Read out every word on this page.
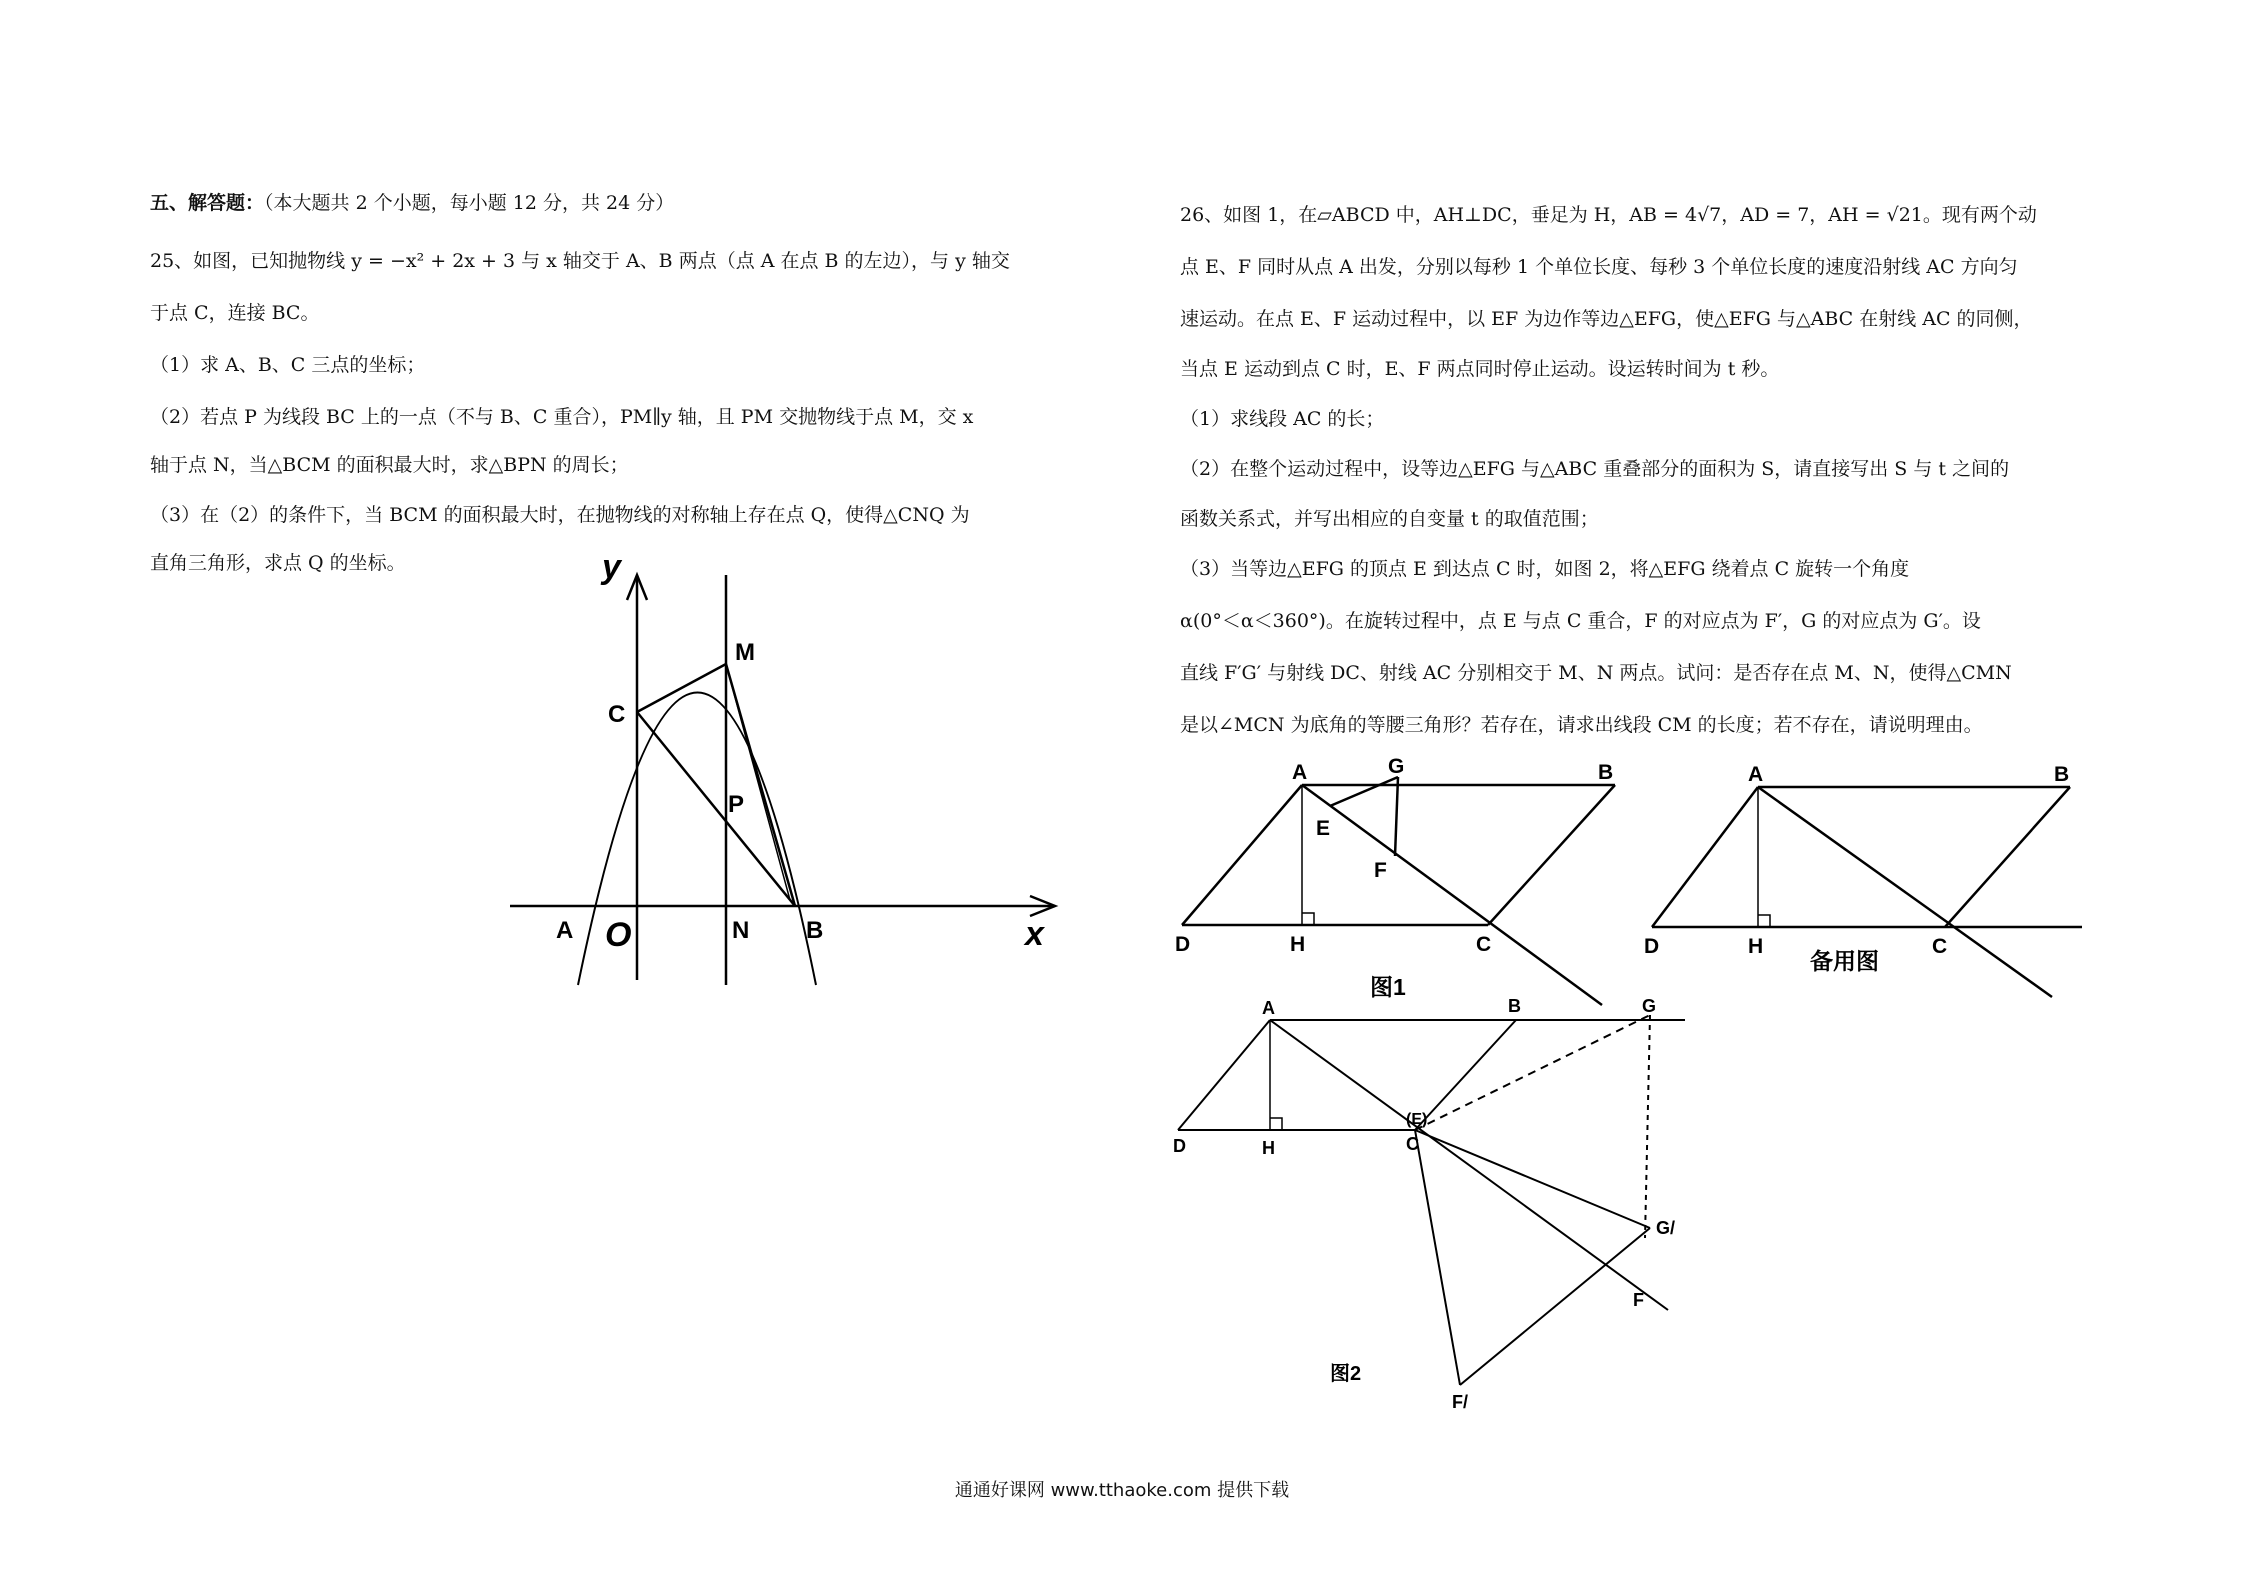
五、解答题：（本大题共 2 个小题，每小题 12 分，共 24 分）
25、如图，已知抛物线 y = −x² + 2x + 3 与 x 轴交于 A、B 两点（点 A 在点 B 的左边），与 y 轴交
于点 C，连接 BC。
（1）求 A、B、C 三点的坐标；
（2）若点 P 为线段 BC 上的一点（不与 B、C 重合），PM∥y 轴，且 PM 交抛物线于点 M，交 x
轴于点 N，当△BCM 的面积最大时，求△BPN 的周长；
（3）在（2）的条件下，当 BCM 的面积最大时，在抛物线的对称轴上存在点 Q，使得△CNQ 为
直角三角形，求点 Q 的坐标。	y
x
C
M
P
A O	N B
26、如图 1，在▱ABCD 中，AH⊥DC，垂足为 H，AB = 4√7，AD = 7，AH = √21。现有两个动
点 E、F 同时从点 A 出发，分别以每秒 1 个单位长度、每秒 3 个单位长度的速度沿射线 AC 方向匀
速运动。在点 E、F 运动过程中，以 EF 为边作等边△EFG，使△EFG 与△ABC 在射线 AC 的同侧，
当点 E 运动到点 C 时，E、F 两点同时停止运动。设运转时间为 t 秒。
（1）求线段 AC 的长；
（2）在整个运动过程中，设等边△EFG 与△ABC 重叠部分的面积为 S，请直接写出 S 与 t 之间的
函数关系式，并写出相应的自变量 t 的取值范围；
（3）当等边△EFG 的顶点 E 到达点 C 时，如图 2，将△EFG 绕着点 C 旋转一个角度
α(0°＜α＜360°)。在旋转过程中，点 E 与点 C 重合，F 的对应点为 F′，G 的对应点为 G′。设
直线 F′G′ 与射线 DC、射线 AC 分别相交于 M、N 两点。试问：是否存在点 M、N，使得△CMN
是以∠MCN 为底角的等腰三角形？若存在，请求出线段 CM 的长度；若不存在，请说明理由。
A	G	B
E
F
D	H	C
图1
A	B
D	H	C
备用图
A	B	G
(E)
C
D	H
G/
F
F/
图2
通通好课网 www.tthaoke.com 提供下载
